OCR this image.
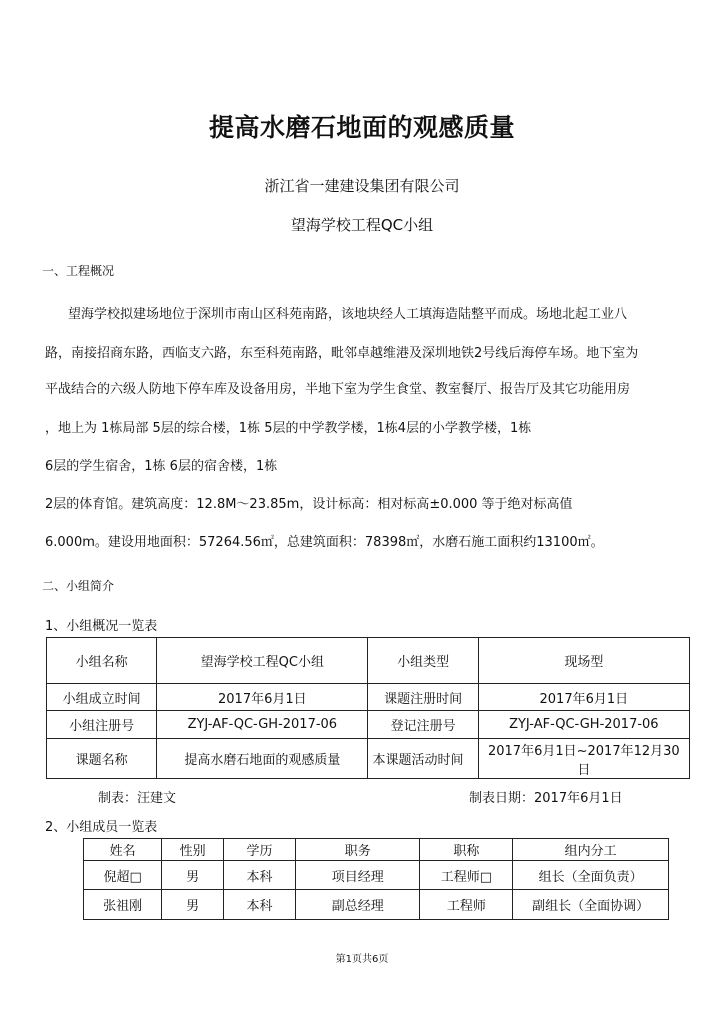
提高水磨石地面的观感质量
浙江省一建建设集团有限公司
望海学校工程QC小组
一、工程概况
望海学校拟建场地位于深圳市南山区科苑南路，该地块经人工填海造陆整平而成。场地北起工业八
路，南接招商东路，西临支六路，东至科苑南路，毗邻卓越维港及深圳地铁2号线后海停车场。地下室为
平战结合的六级人防地下停车库及设备用房，半地下室为学生食堂、教室餐厅、报告厅及其它功能用房
，地上为 1栋局部 5层的综合楼，1栋 5层的中学教学楼，1栋4层的小学教学楼，1栋
6层的学生宿舍，1栋 6层的宿舍楼，1栋
2层的体育馆。建筑高度：12.8M～23.85m，设计标高：相对标高±0.000 等于绝对标高值
6.000m。建设用地面积：57264.56㎡，总建筑面积：78398㎡，水磨石施工面积约13100㎡。
二、小组简介
1、小组概况一览表
小组名称	望海学校工程QC小组	小组类型	现场型
小组成立时间	2017年6月1日	课题注册时间	2017年6月1日
小组注册号	ZYJ-AF-QC-GH-2017-06	登记注册号	ZYJ-AF-QC-GH-2017-06
课题名称	提高水磨石地面的观感质量	本课题活动时间	2017年6月1日~2017年12月30日
制表：汪建文	制表日期：2017年6月1日
2、小组成员一览表
姓名	性别	学历	职务	职称	组内分工
倪超□	男	本科	项目经理	工程师□	组长（全面负责）
张祖刚	男	本科	副总经理	工程师	副组长（全面协调）
第1页共6页
